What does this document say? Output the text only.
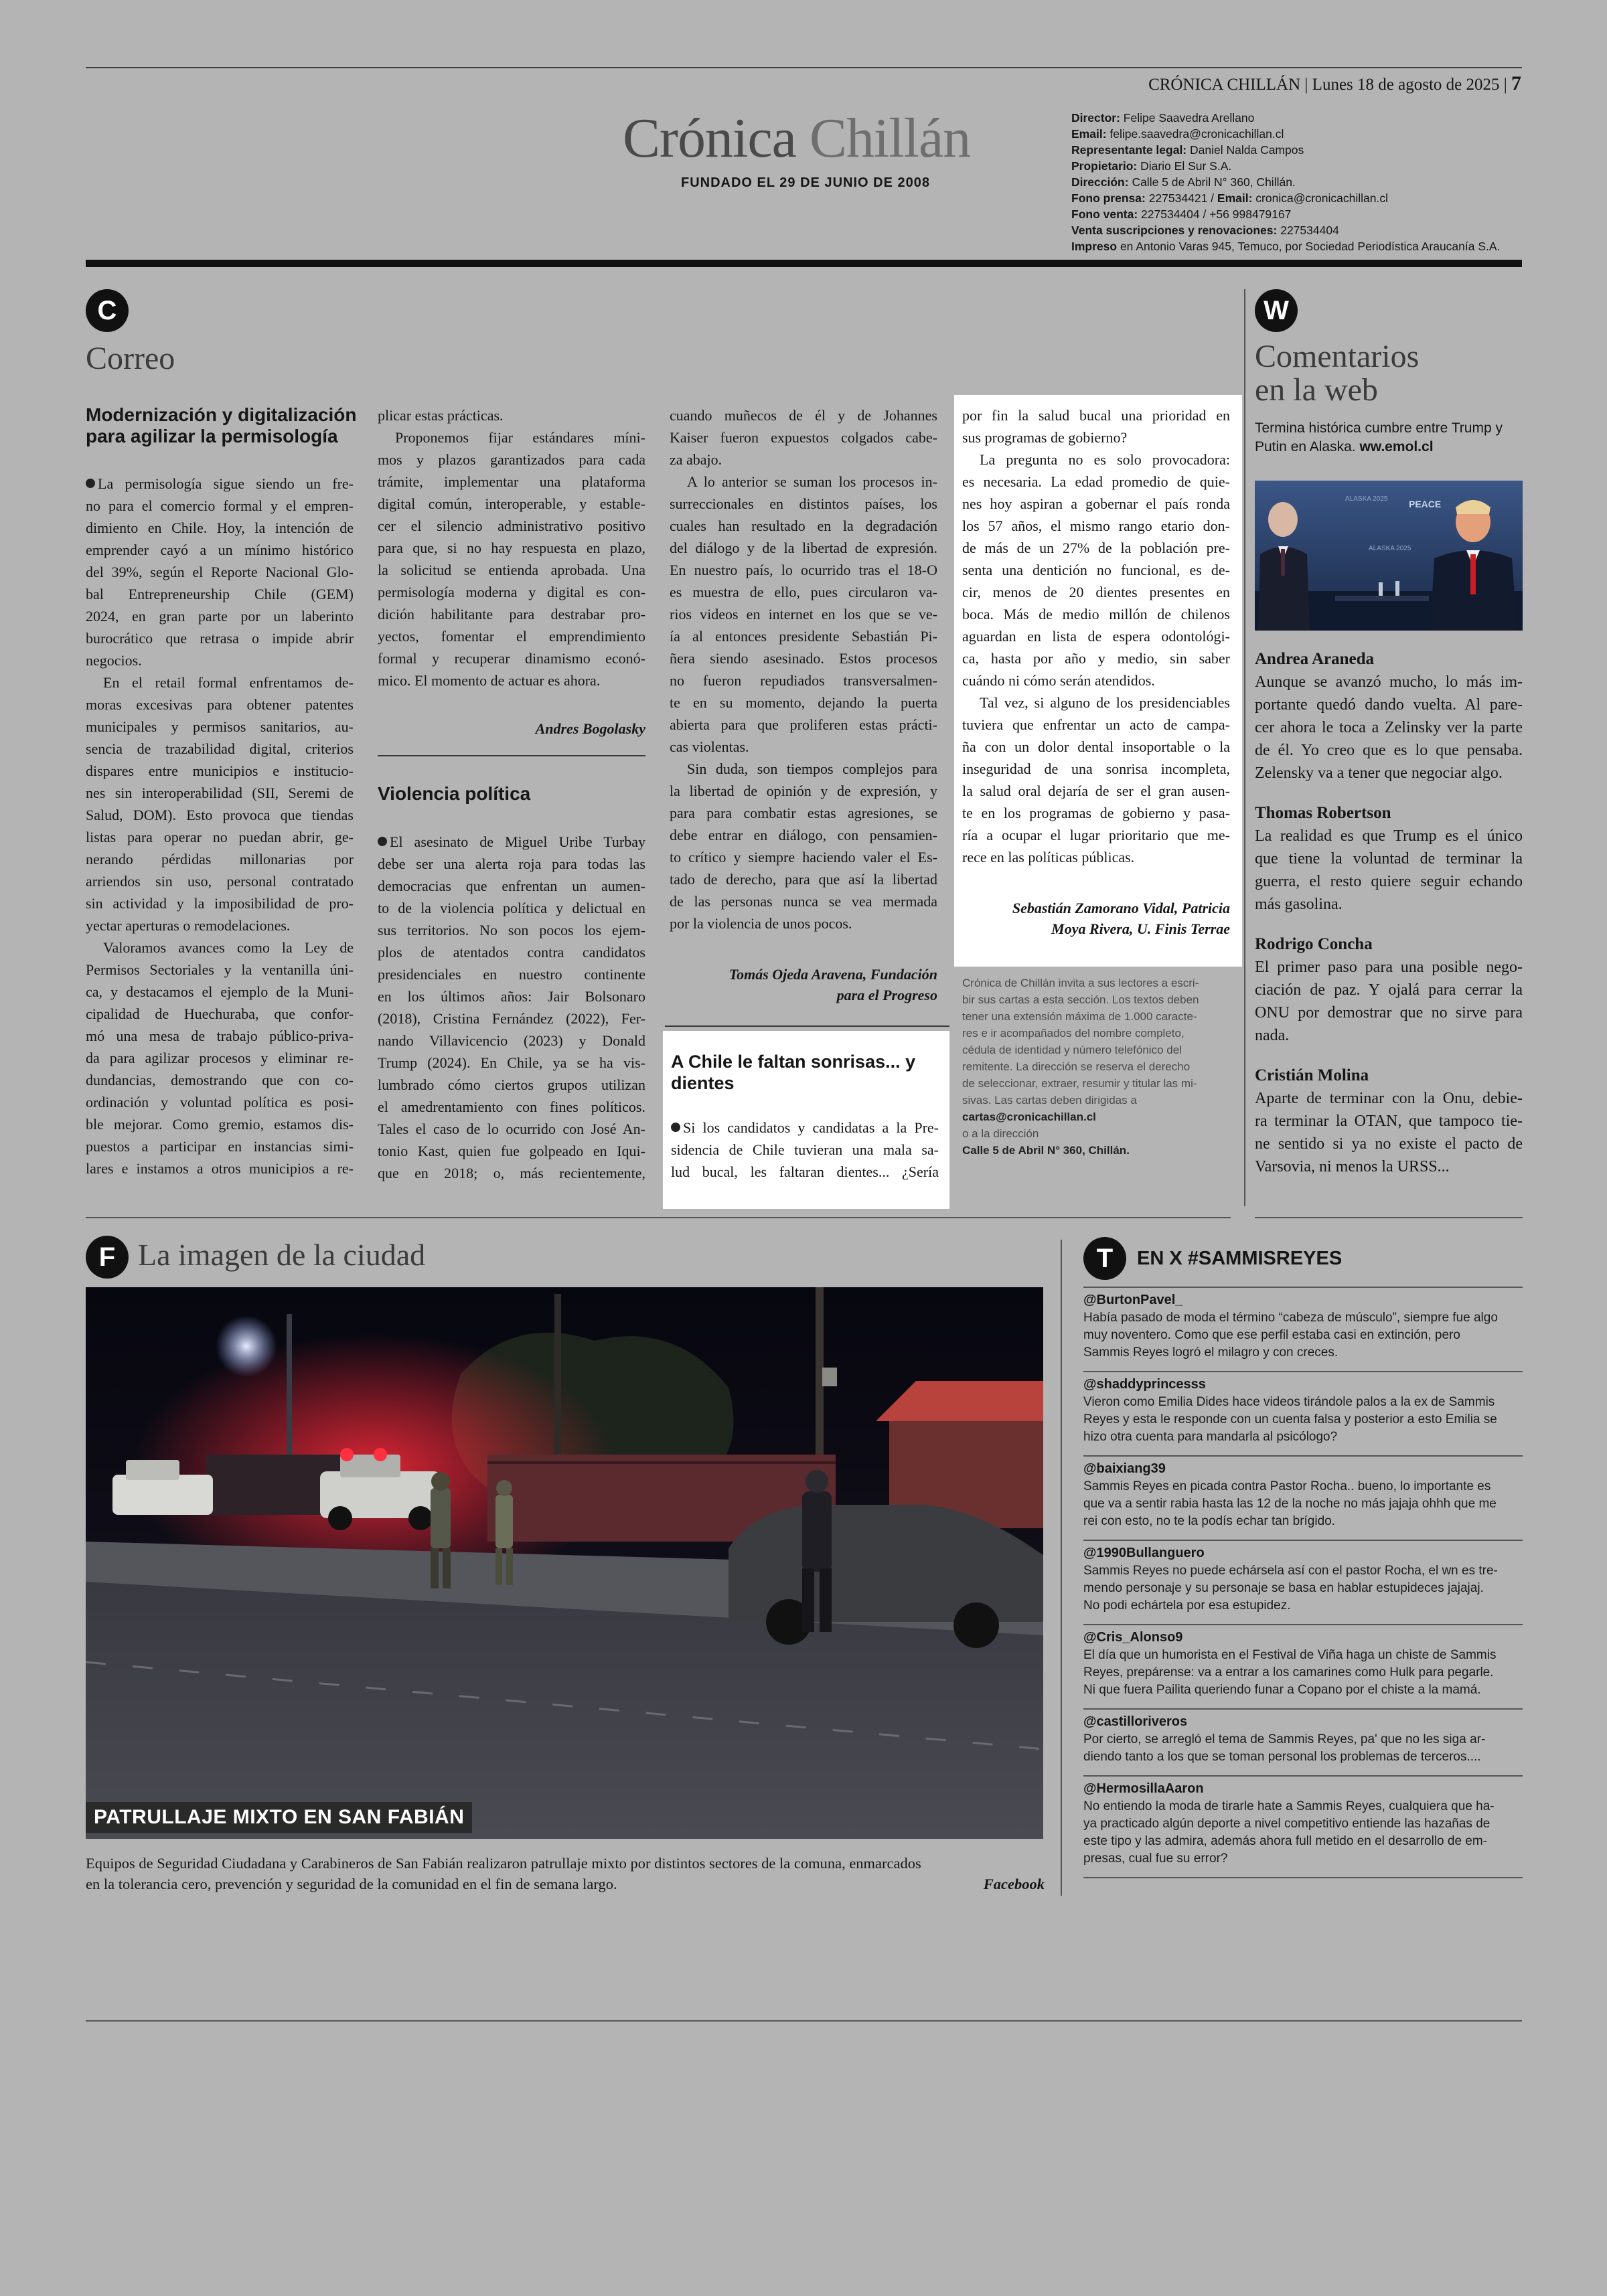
CRÓNICA CHILLÁN | Lunes 18 de agosto de 2025 | 7
Crónica Chillán
FUNDADO EL 29 DE JUNIO DE 2008
Director: Felipe Saavedra Arellano
Email: felipe.saavedra@cronicachillan.cl
Representante legal: Daniel Nalda Campos
Propietario: Diario El Sur S.A.
Dirección: Calle 5 de Abril N° 360, Chillán.
Fono prensa: 227534421 / Email: cronica@cronicachillan.cl
Fono venta: 227534404 / +56 998479167
Venta suscripciones y renovaciones: 227534404
Impreso en Antonio Varas 945, Temuco, por Sociedad Periodística Araucanía S.A.
C
Correo
Modernización y digitalización para agilizar la permisología
La permisología sigue siendo un fre-
no para el comercio formal y el empren-
dimiento en Chile. Hoy, la intención de
emprender cayó a un mínimo histórico
del 39%, según el Reporte Nacional Glo-
bal Entrepreneurship Chile (GEM)
2024, en gran parte por un laberinto
burocrático que retrasa o impide abrir
negocios.
En el retail formal enfrentamos de-
moras excesivas para obtener patentes
municipales y permisos sanitarios, au-
sencia de trazabilidad digital, criterios
dispares entre municipios e institucio-
nes sin interoperabilidad (SII, Seremi de
Salud, DOM). Esto provoca que tiendas
listas para operar no puedan abrir, ge-
nerando pérdidas millonarias por
arriendos sin uso, personal contratado
sin actividad y la imposibilidad de pro-
yectar aperturas o remodelaciones.
Valoramos avances como la Ley de
Permisos Sectoriales y la ventanilla úni-
ca, y destacamos el ejemplo de la Muni-
cipalidad de Huechuraba, que confor-
mó una mesa de trabajo público-priva-
da para agilizar procesos y eliminar re-
dundancias, demostrando que con co-
ordinación y voluntad política es posi-
ble mejorar. Como gremio, estamos dis-
puestos a participar en instancias simi-
lares e instamos a otros municipios a re-
plicar estas prácticas.
Proponemos fijar estándares míni-
mos y plazos garantizados para cada
trámite, implementar una plataforma
digital común, interoperable, y estable-
cer el silencio administrativo positivo
para que, si no hay respuesta en plazo,
la solicitud se entienda aprobada. Una
permisología moderna y digital es con-
dición habilitante para destrabar pro-
yectos, fomentar el emprendimiento
formal y recuperar dinamismo econó-
mico. El momento de actuar es ahora.
Andres Bogolasky
Violencia política
El asesinato de Miguel Uribe Turbay
debe ser una alerta roja para todas las
democracias que enfrentan un aumen-
to de la violencia política y delictual en
sus territorios. No son pocos los ejem-
plos de atentados contra candidatos
presidenciales en nuestro continente
en los últimos años: Jair Bolsonaro
(2018), Cristina Fernández (2022), Fer-
nando Villavicencio (2023) y Donald
Trump (2024). En Chile, ya se ha vis-
lumbrado cómo ciertos grupos utilizan
el amedrentamiento con fines políticos.
Tales el caso de lo ocurrido con José An-
tonio Kast, quien fue golpeado en Iqui-
que en 2018; o, más recientemente,
cuando muñecos de él y de Johannes
Kaiser fueron expuestos colgados cabe-
za abajo.
A lo anterior se suman los procesos in-
surreccionales en distintos países, los
cuales han resultado en la degradación
del diálogo y de la libertad de expresión.
En nuestro país, lo ocurrido tras el 18-O
es muestra de ello, pues circularon va-
rios videos en internet en los que se ve-
ía al entonces presidente Sebastián Pi-
ñera siendo asesinado. Estos procesos
no fueron repudiados transversalmen-
te en su momento, dejando la puerta
abierta para que proliferen estas prácti-
cas violentas.
Sin duda, son tiempos complejos para
la libertad de opinión y de expresión, y
para para combatir estas agresiones, se
debe entrar en diálogo, con pensamien-
to crítico y siempre haciendo valer el Es-
tado de derecho, para que así la libertad
de las personas nunca se vea mermada
por la violencia de unos pocos.
Tomás Ojeda Aravena, Fundación
para el Progreso
A Chile le faltan sonrisas... y dientes
Si los candidatos y candidatas a la Pre-
sidencia de Chile tuvieran una mala sa-
lud bucal, les faltaran dientes... ¿Sería
por fin la salud bucal una prioridad en
sus programas de gobierno?
La pregunta no es solo provocadora:
es necesaria. La edad promedio de quie-
nes hoy aspiran a gobernar el país ronda
los 57 años, el mismo rango etario don-
de más de un 27% de la población pre-
senta una dentición no funcional, es de-
cir, menos de 20 dientes presentes en
boca. Más de medio millón de chilenos
aguardan en lista de espera odontológi-
ca, hasta por año y medio, sin saber
cuándo ni cómo serán atendidos.
Tal vez, si alguno de los presidenciables
tuviera que enfrentar un acto de campa-
ña con un dolor dental insoportable o la
inseguridad de una sonrisa incompleta,
la salud oral dejaría de ser el gran ausen-
te en los programas de gobierno y pasa-
ría a ocupar el lugar prioritario que me-
rece en las políticas públicas.
Sebastián Zamorano Vidal, Patricia
Moya Rivera, U. Finis Terrae
Crónica de Chillán invita a sus lectores a escri-
bir sus cartas a esta sección. Los textos deben
tener una extensión máxima de 1.000 caracte-
res e ir acompañados del nombre completo,
cédula de identidad y número telefónico del
remitente. La dirección se reserva el derecho
de seleccionar, extraer, resumir y titular las mi-
sivas. Las cartas deben dirigidas a
cartas@cronicachillan.cl
o a la dirección
Calle 5 de Abril N° 360, Chillán.
W
Comentarios
en la web
Termina histórica cumbre entre Trump y Putin en Alaska. ww.emol.cl
ALASKA 2025 PEACE
ALASKA 2025

Andrea Araneda

Aunque se avanzó mucho, lo más im-

portante quedó dando vuelta. Al pare-

cer ahora le toca a Zelinsky ver la parte

de él. Yo creo que es lo que pensaba.

Zelensky va a tener que negociar algo.

Thomas Robertson

La realidad es que Trump es el único

que tiene la voluntad de terminar la

guerra, el resto quiere seguir echando

más gasolina.

Rodrigo Concha

El primer paso para una posible nego-

ciación de paz. Y ojalá para cerrar la

ONU por demostrar que no sirve para

nada.

Cristián Molina

Aparte de terminar con la Onu, debie-

ra terminar la OTAN, que tampoco tie-

ne sentido si ya no existe el pacto de

Varsovia, ni menos la URSS...

F La imagen de la ciudad
PATRULLAJE MIXTO EN SAN FABIÁN
Equipos de Seguridad Ciudadana y Carabineros de San Fabián realizaron patrullaje mixto por distintos sectores de la comuna, enmarcados
en la tolerancia cero, prevención y seguridad de la comunidad en el fin de semana largo.	Facebook
T	EN X #SAMMISREYES
@BurtonPavel_
Había pasado de moda el término “cabeza de músculo”, siempre fue algo
muy noventero. Como que ese perfil estaba casi en extinción, pero
Sammis Reyes logró el milagro y con creces.
@shaddyprincesss
Vieron como Emilia Dides hace videos tirándole palos a la ex de Sammis
Reyes y esta le responde con un cuenta falsa y posterior a esto Emilia se
hizo otra cuenta para mandarla al psicólogo?
@baixiang39
Sammis Reyes en picada contra Pastor Rocha.. bueno, lo importante es
que va a sentir rabia hasta las 12 de la noche no más jajaja ohhh que me
rei con esto, no te la podís echar tan brígido.
@1990Bullanguero
Sammis Reyes no puede echársela así con el pastor Rocha, el wn es tre-
mendo personaje y su personaje se basa en hablar estupideces jajajaj.
No podi echártela por esa estupidez.
@Cris_Alonso9
El día que un humorista en el Festival de Viña haga un chiste de Sammis
Reyes, prepárense: va a entrar a los camarines como Hulk para pegarle.
Ni que fuera Pailita queriendo funar a Copano por el chiste a la mamá.
@castilloriveros
Por cierto, se arregló el tema de Sammis Reyes, pa' que no les siga ar-
diendo tanto a los que se toman personal los problemas de terceros....
@HermosillaAaron
No entiendo la moda de tirarle hate a Sammis Reyes, cualquiera que ha-
ya practicado algún deporte a nivel competitivo entiende las hazañas de
este tipo y las admira, además ahora full metido en el desarrollo de em-
presas, cual fue su error?
